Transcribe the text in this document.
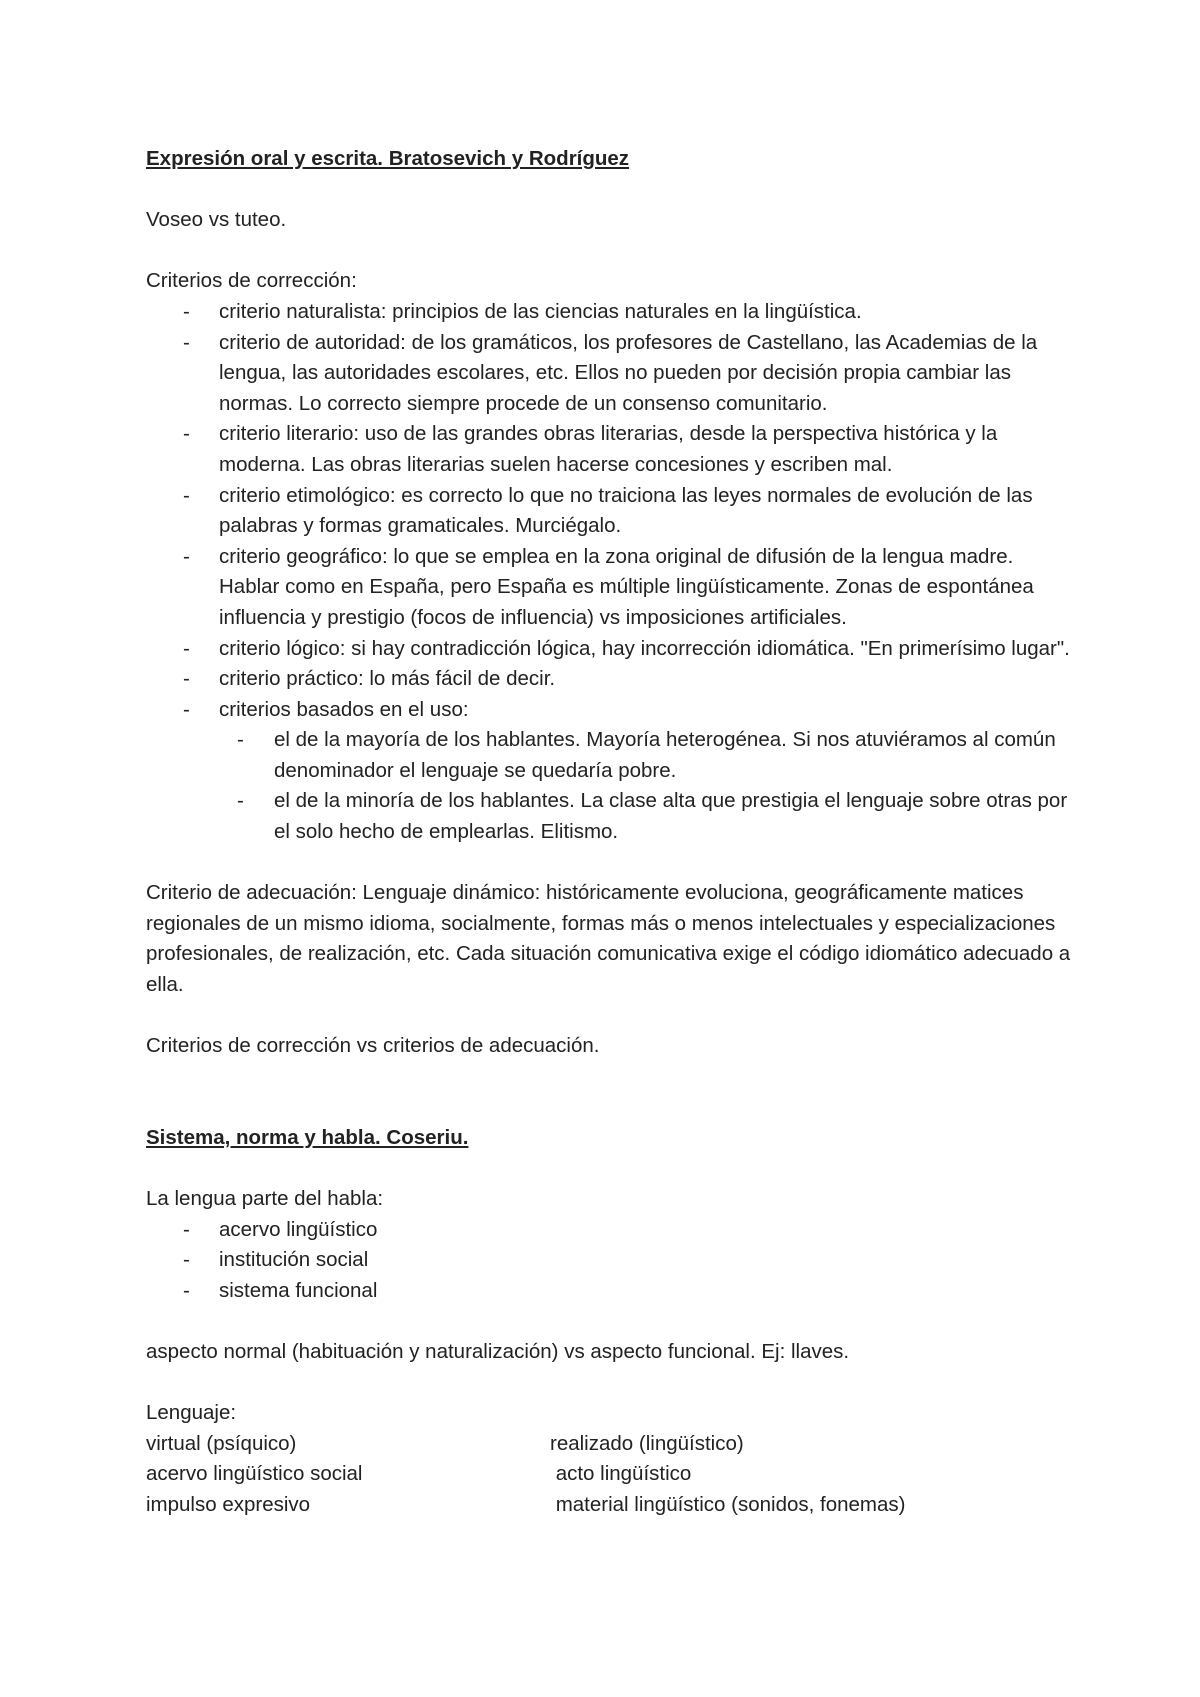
Expresión oral y escrita. Bratosevich y Rodríguez

Voseo vs tuteo.

Criterios de corrección:

- criterio naturalista: principios de las ciencias naturales en la lingüística.
- criterio de autoridad: de los gramáticos, los profesores de Castellano, las Academias de la lengua, las autoridades escolares, etc. Ellos no pueden por decisión propia cambiar las normas. Lo correcto siempre procede de un consenso comunitario.
- criterio literario: uso de las grandes obras literarias, desde la perspectiva histórica y la moderna. Las obras literarias suelen hacerse concesiones y escriben mal.
- criterio etimológico: es correcto lo que no traiciona las leyes normales de evolución de las palabras y formas gramaticales. Murciégalo.
- criterio geográfico: lo que se emplea en la zona original de difusión de la lengua madre. Hablar como en España, pero España es múltiple lingüísticamente. Zonas de espontánea influencia y prestigio (focos de influencia) vs imposiciones artificiales.
- criterio lógico: si hay contradicción lógica, hay incorrección idiomática. "En primerísimo lugar".
- criterio práctico: lo más fácil de decir.
- criterios basados en el uso:
- el de la mayoría de los hablantes. Mayoría heterogénea. Si nos atuviéramos al común denominador el lenguaje se quedaría pobre.
- el de la minoría de los hablantes. La clase alta que prestigia el lenguaje sobre otras por el solo hecho de emplearlas. Elitismo.

Criterio de adecuación: Lenguaje dinámico: históricamente evoluciona, geográficamente matices regionales de un mismo idioma, socialmente, formas más o menos intelectuales y especializaciones profesionales, de realización, etc. Cada situación comunicativa exige el código idiomático adecuado a ella.

Criterios de corrección vs criterios de adecuación.

Sistema, norma y habla. Coseriu.

La lengua parte del habla:

- acervo lingüístico
- institución social
- sistema funcional

aspecto normal (habituación y naturalización) vs aspecto funcional. Ej: llaves.

Lenguaje:

virtual (psíquico)	realizado (lingüístico)
acervo lingüístico social	acto lingüístico
impulso expresivo	material lingüístico (sonidos, fonemas)
